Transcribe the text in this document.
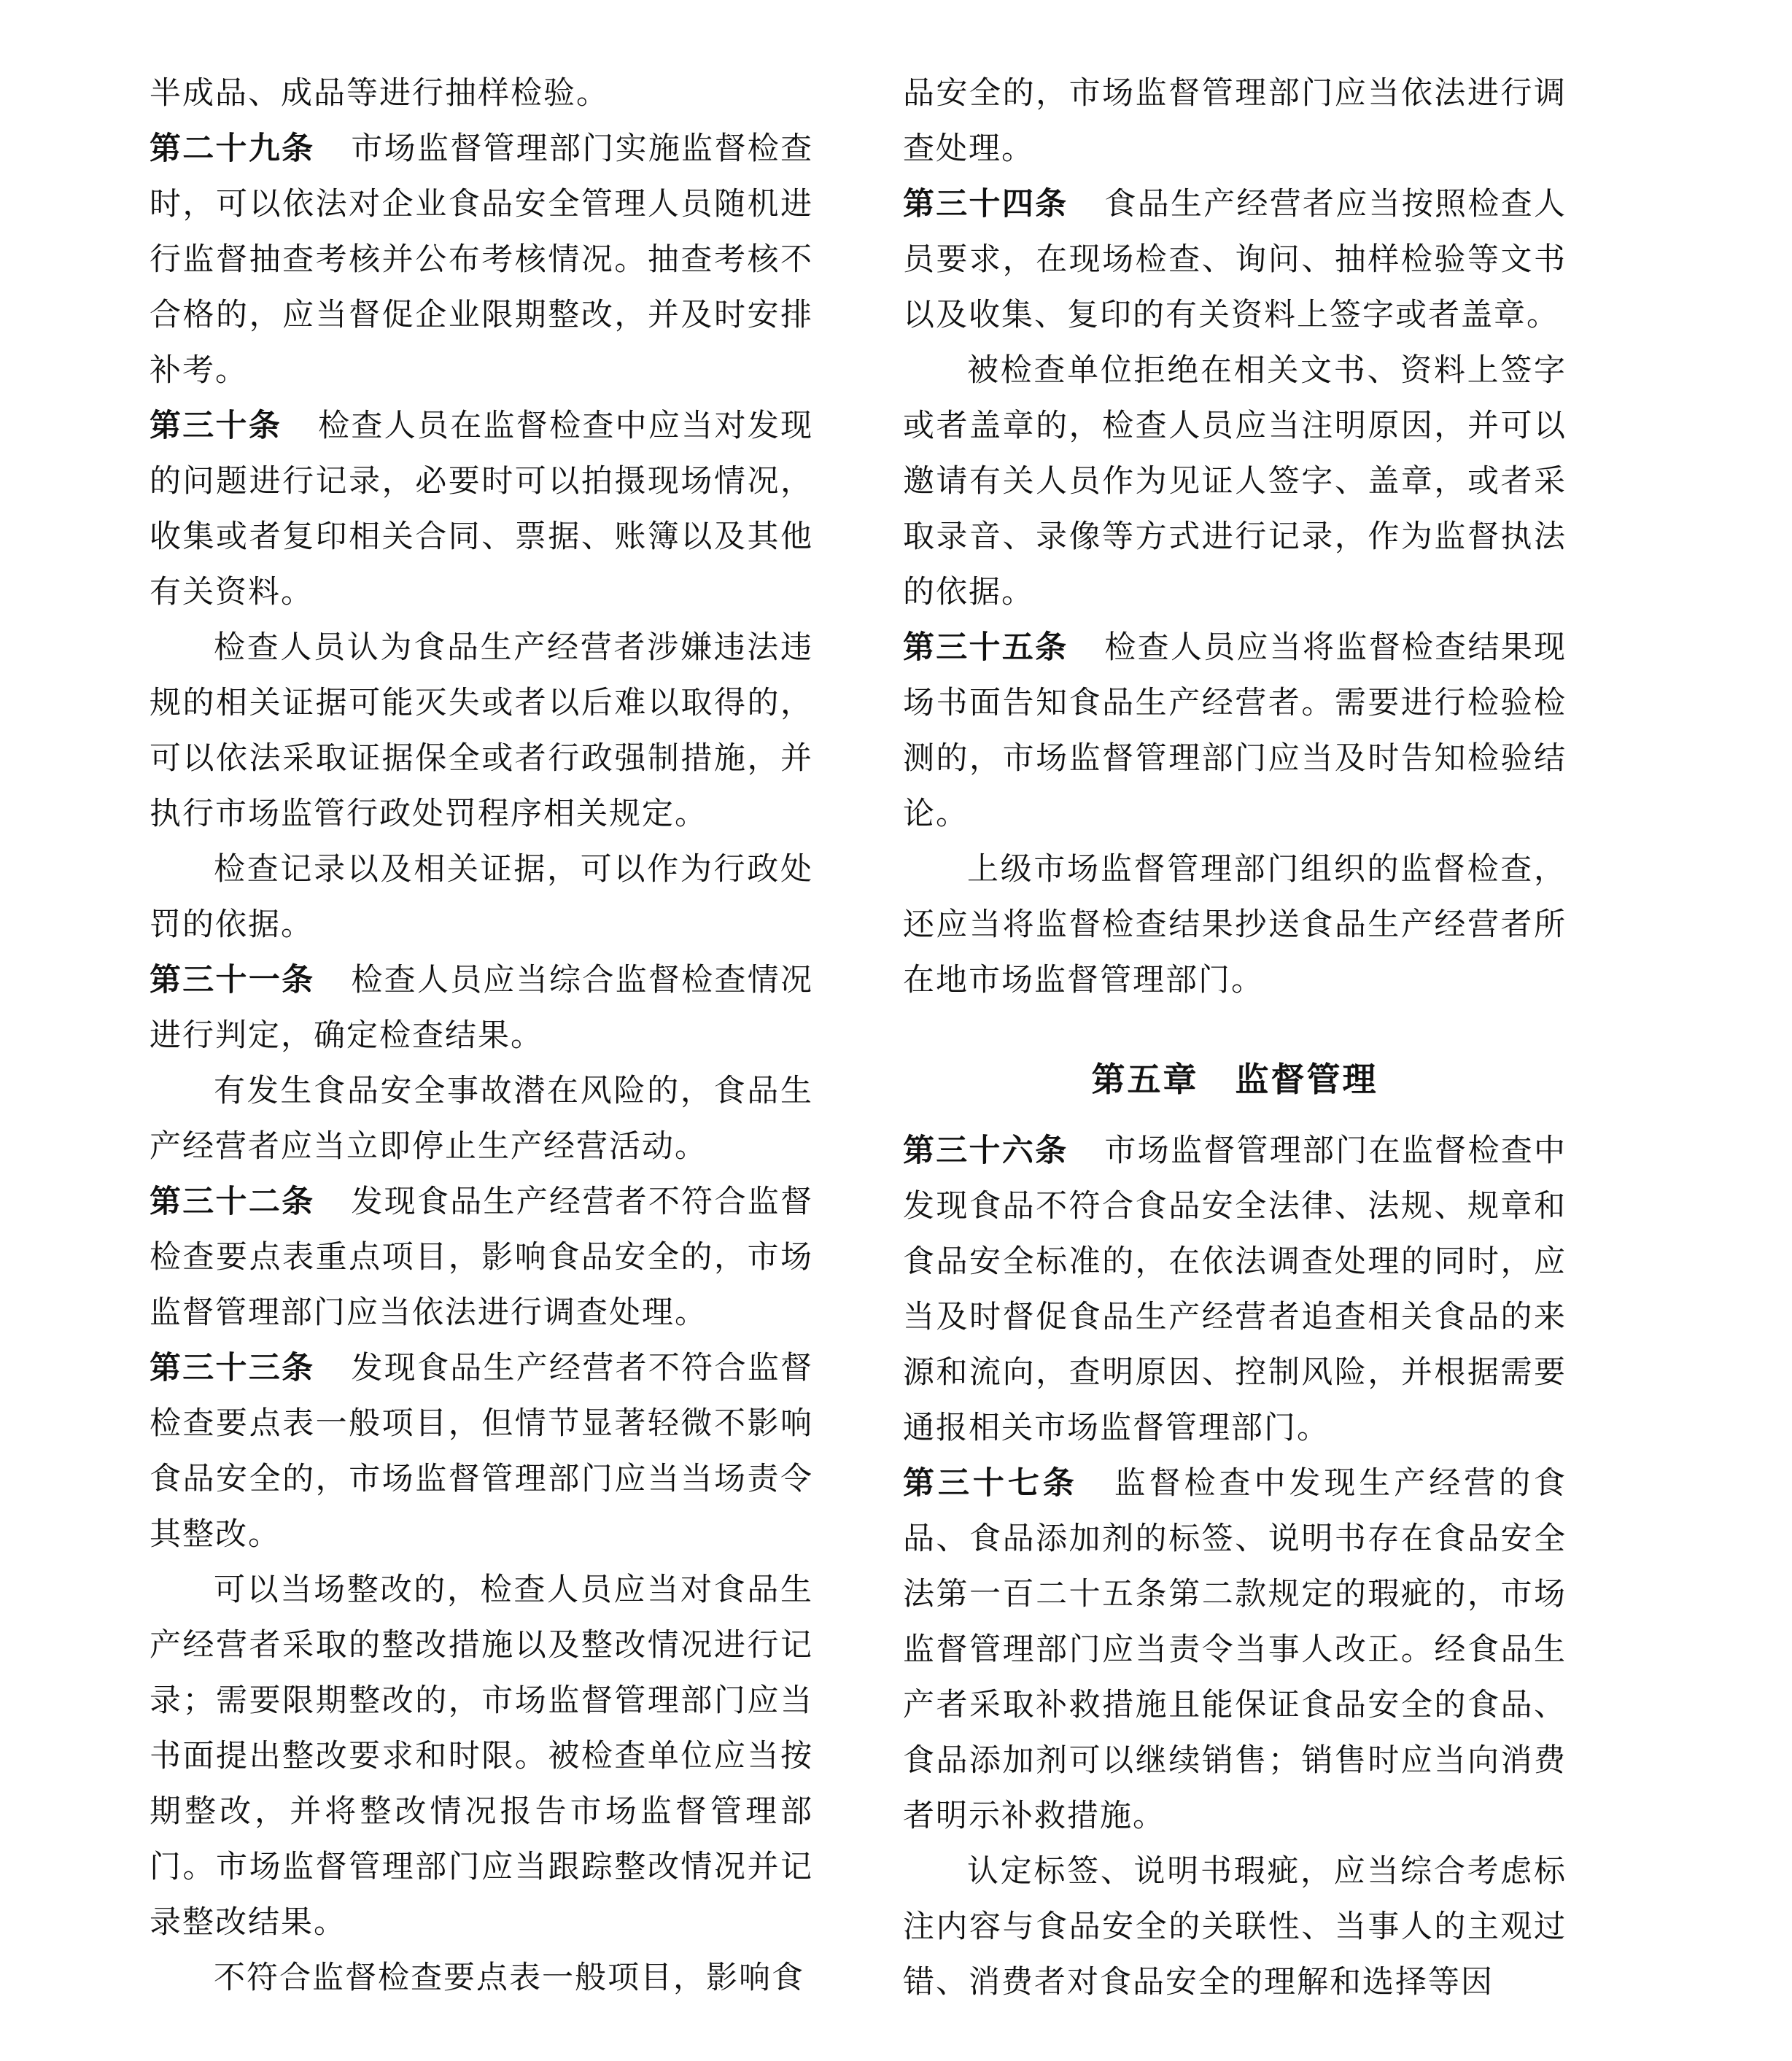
半成品、成品等进行抽样检验。

第二十九条 市场监督管理部门实施监督检查时，可以依法对企业食品安全管理人员随机进行监督抽查考核并公布考核情况。抽查考核不合格的，应当督促企业限期整改，并及时安排补考。

第三十条 检查人员在监督检查中应当对发现的问题进行记录，必要时可以拍摄现场情况，收集或者复印相关合同、票据、账簿以及其他有关资料。

检查人员认为食品生产经营者涉嫌违法违规的相关证据可能灭失或者以后难以取得的，可以依法采取证据保全或者行政强制措施，并执行市场监管行政处罚程序相关规定。

检查记录以及相关证据，可以作为行政处罚的依据。

第三十一条 检查人员应当综合监督检查情况进行判定，确定检查结果。

有发生食品安全事故潜在风险的，食品生产经营者应当立即停止生产经营活动。

第三十二条 发现食品生产经营者不符合监督检查要点表重点项目，影响食品安全的，市场监督管理部门应当依法进行调查处理。

第三十三条 发现食品生产经营者不符合监督检查要点表一般项目，但情节显著轻微不影响食品安全的，市场监督管理部门应当当场责令其整改。

可以当场整改的，检查人员应当对食品生产经营者采取的整改措施以及整改情况进行记录；需要限期整改的，市场监督管理部门应当书面提出整改要求和时限。被检查单位应当按期整改，并将整改情况报告市场监督管理部门。市场监督管理部门应当跟踪整改情况并记录整改结果。

不符合监督检查要点表一般项目，影响食

品安全的，市场监督管理部门应当依法进行调查处理。

第三十四条 食品生产经营者应当按照检查人员要求，在现场检查、询问、抽样检验等文书以及收集、复印的有关资料上签字或者盖章。

被检查单位拒绝在相关文书、资料上签字或者盖章的，检查人员应当注明原因，并可以邀请有关人员作为见证人签字、盖章，或者采取录音、录像等方式进行记录，作为监督执法的依据。

第三十五条 检查人员应当将监督检查结果现场书面告知食品生产经营者。需要进行检验检测的，市场监督管理部门应当及时告知检验结论。

上级市场监督管理部门组织的监督检查，还应当将监督检查结果抄送食品生产经营者所在地市场监督管理部门。

第五章 监督管理

第三十六条 市场监督管理部门在监督检查中发现食品不符合食品安全法律、法规、规章和食品安全标准的，在依法调查处理的同时，应当及时督促食品生产经营者追查相关食品的来源和流向，查明原因、控制风险，并根据需要通报相关市场监督管理部门。

第三十七条 监督检查中发现生产经营的食品、食品添加剂的标签、说明书存在食品安全法第一百二十五条第二款规定的瑕疵的，市场监督管理部门应当责令当事人改正。经食品生产者采取补救措施且能保证食品安全的食品、食品添加剂可以继续销售；销售时应当向消费者明示补救措施。

认定标签、说明书瑕疵，应当综合考虑标注内容与食品安全的关联性、当事人的主观过错、消费者对食品安全的理解和选择等因
